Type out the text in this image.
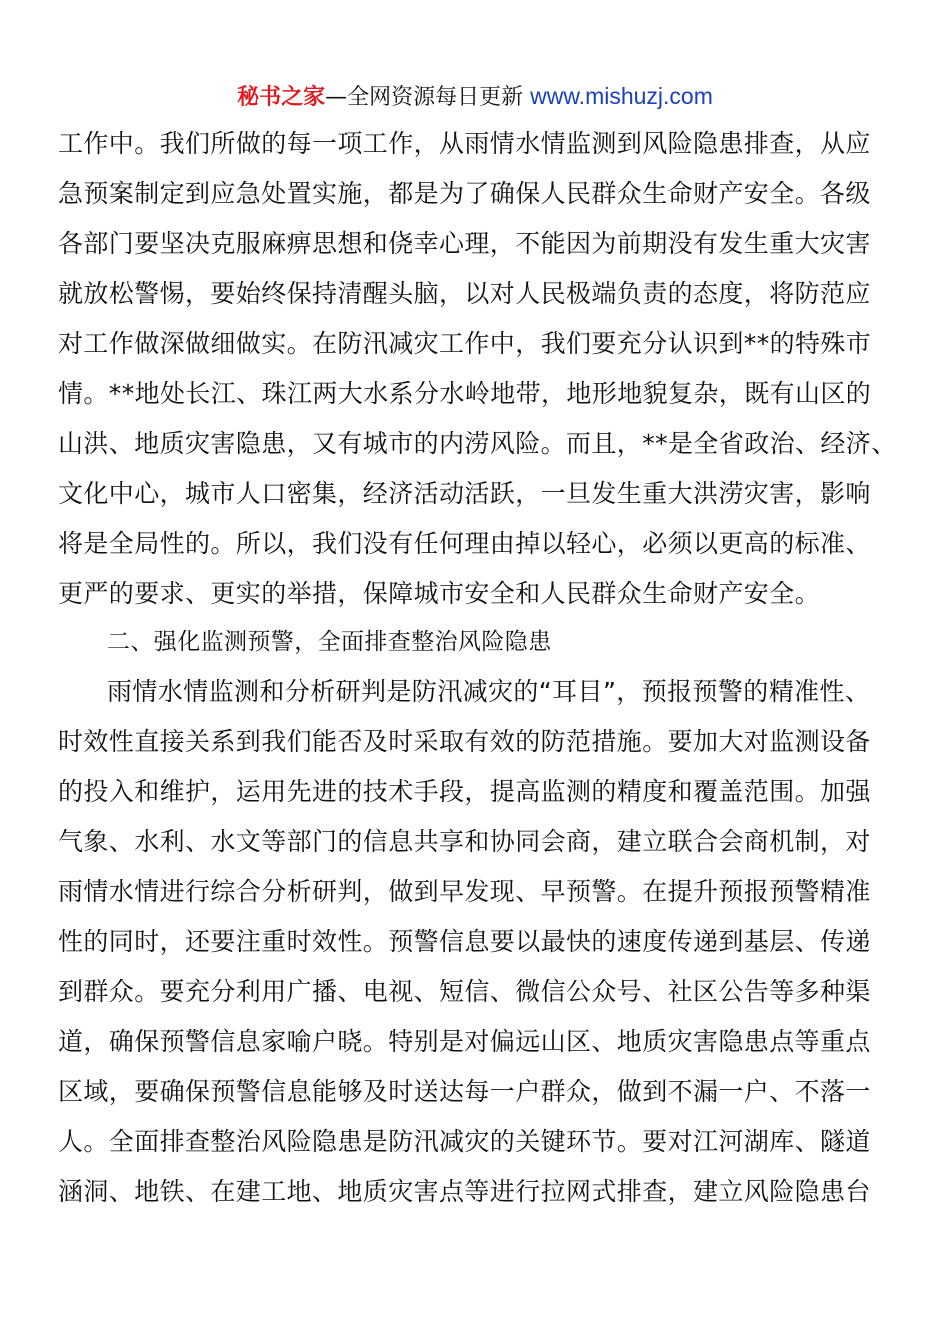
秘书之家—全网资源每日更新 www.mishuzj.com
工作中。我们所做的每一项工作，从雨情水情监测到风险隐患排查，从应
急预案制定到应急处置实施，都是为了确保人民群众生命财产安全。各级
各部门要坚决克服麻痹思想和侥幸心理，不能因为前期没有发生重大灾害
就放松警惕，要始终保持清醒头脑，以对人民极端负责的态度，将防范应
对工作做深做细做实。在防汛减灾工作中，我们要充分认识到**的特殊市
情。**地处长江、珠江两大水系分水岭地带，地形地貌复杂，既有山区的
山洪、地质灾害隐患，又有城市的内涝风险。而且，**是全省政治、经济、
文化中心，城市人口密集，经济活动活跃，一旦发生重大洪涝灾害，影响
将是全局性的。所以，我们没有任何理由掉以轻心，必须以更高的标准、
更严的要求、更实的举措，保障城市安全和人民群众生命财产安全。
二、强化监测预警，全面排查整治风险隐患
雨情水情监测和分析研判是防汛减灾的“耳目”，预报预警的精准性、
时效性直接关系到我们能否及时采取有效的防范措施。要加大对监测设备
的投入和维护，运用先进的技术手段，提高监测的精度和覆盖范围。加强
气象、水利、水文等部门的信息共享和协同会商，建立联合会商机制，对
雨情水情进行综合分析研判，做到早发现、早预警。在提升预报预警精准
性的同时，还要注重时效性。预警信息要以最快的速度传递到基层、传递
到群众。要充分利用广播、电视、短信、微信公众号、社区公告等多种渠
道，确保预警信息家喻户晓。特别是对偏远山区、地质灾害隐患点等重点
区域，要确保预警信息能够及时送达每一户群众，做到不漏一户、不落一
人。全面排查整治风险隐患是防汛减灾的关键环节。要对江河湖库、隧道
涵洞、地铁、在建工地、地质灾害点等进行拉网式排查，建立风险隐患台
